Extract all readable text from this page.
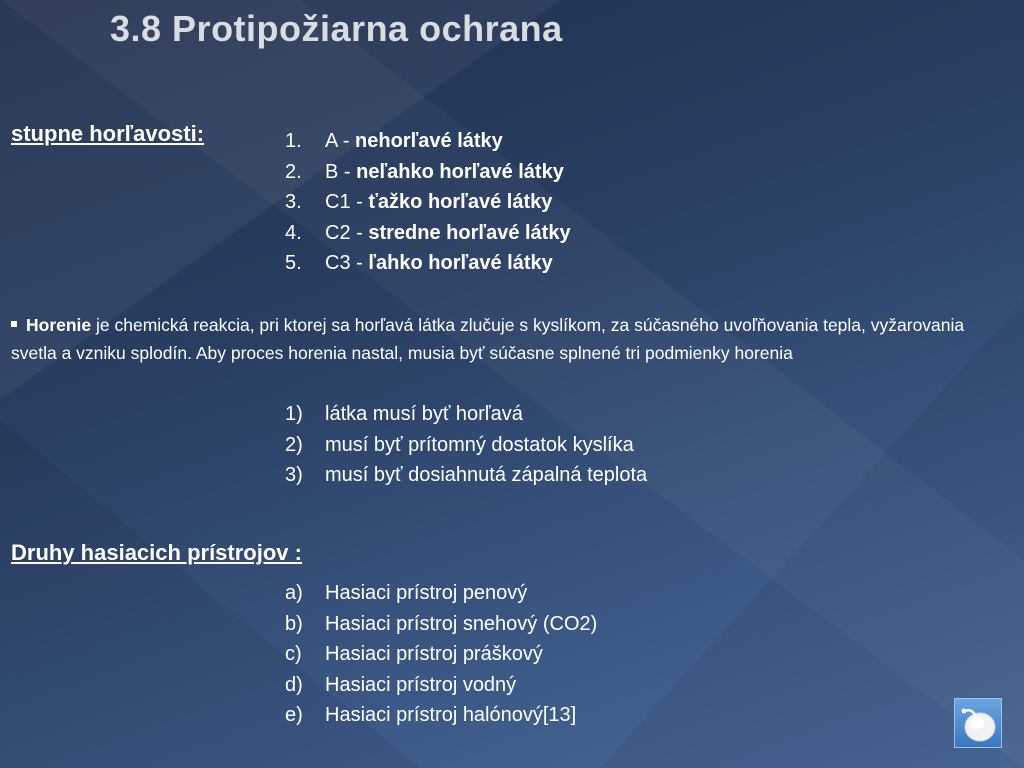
3.8 Protipožiarna ochrana
stupne horľavosti:	1.	A - nehorľavé látky
2.	B - neľahko horľavé látky
3.	C1 - ťažko horľavé látky
4.	C2 - stredne horľavé látky
5.	C3 - ľahko horľavé látky
Horenie je chemická reakcia, pri ktorej sa horľavá látka zlučuje s kyslíkom, za súčasného uvoľňovania tepla, vyžarovania svetla a vzniku splodín. Aby proces horenia nastal, musia byť súčasne splnené tri podmienky horenia
1)	látka musí byť horľavá
2)	musí byť prítomný dostatok kyslíka
3)	musí byť dosiahnutá zápalná teplota
Druhy hasiacich prístrojov :
a)	Hasiaci prístroj penový
b)	Hasiaci prístroj snehový (CO2)
c)	Hasiaci prístroj práškový
d)	Hasiaci prístroj vodný
e)	Hasiaci prístroj halónový[13]
